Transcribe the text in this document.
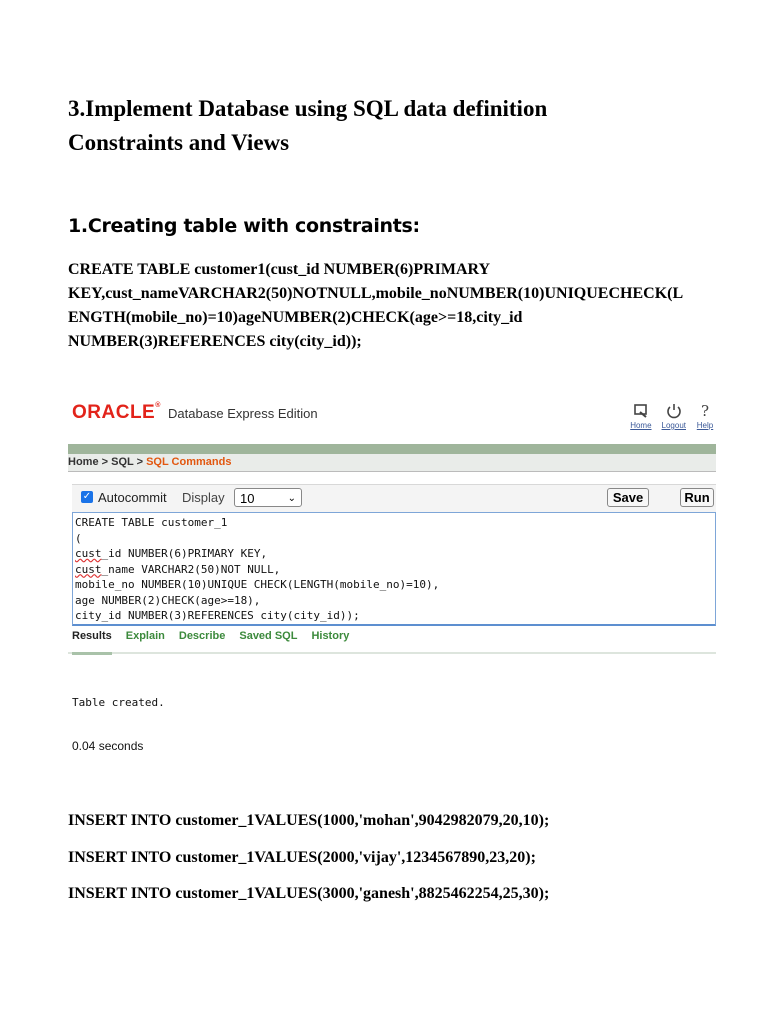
3.Implement Database using SQL data definition
Constraints and Views
1.Creating table with constraints:
CREATE TABLE customer1(cust_id NUMBER(6)PRIMARY
KEY,cust_nameVARCHAR2(50)NOTNULL,mobile_noNUMBER(10)UNIQUECHECK(L
ENGTH(mobile_no)=10)ageNUMBER(2)CHECK(age>=18,city_id
NUMBER(3)REFERENCES city(city_id));
ORACLE®
Database Express Edition
Home Logout
?
Help
Home > SQL > SQL Commands
✓ Autocommit Display	10	⌄	Save	Run
CREATE TABLE customer_1
(
cust_id NUMBER(6)PRIMARY KEY,
cust_name VARCHAR2(50)NOT NULL,
mobile_no NUMBER(10)UNIQUE CHECK(LENGTH(mobile_no)=10),
age NUMBER(2)CHECK(age>=18),
city_id NUMBER(3)REFERENCES city(city_id));
Results Explain Describe Saved SQL History
Table created.
0.04 seconds
INSERT INTO customer_1VALUES(1000,'mohan',9042982079,20,10);
INSERT INTO customer_1VALUES(2000,'vijay',1234567890,23,20);
INSERT INTO customer_1VALUES(3000,'ganesh',8825462254,25,30);
